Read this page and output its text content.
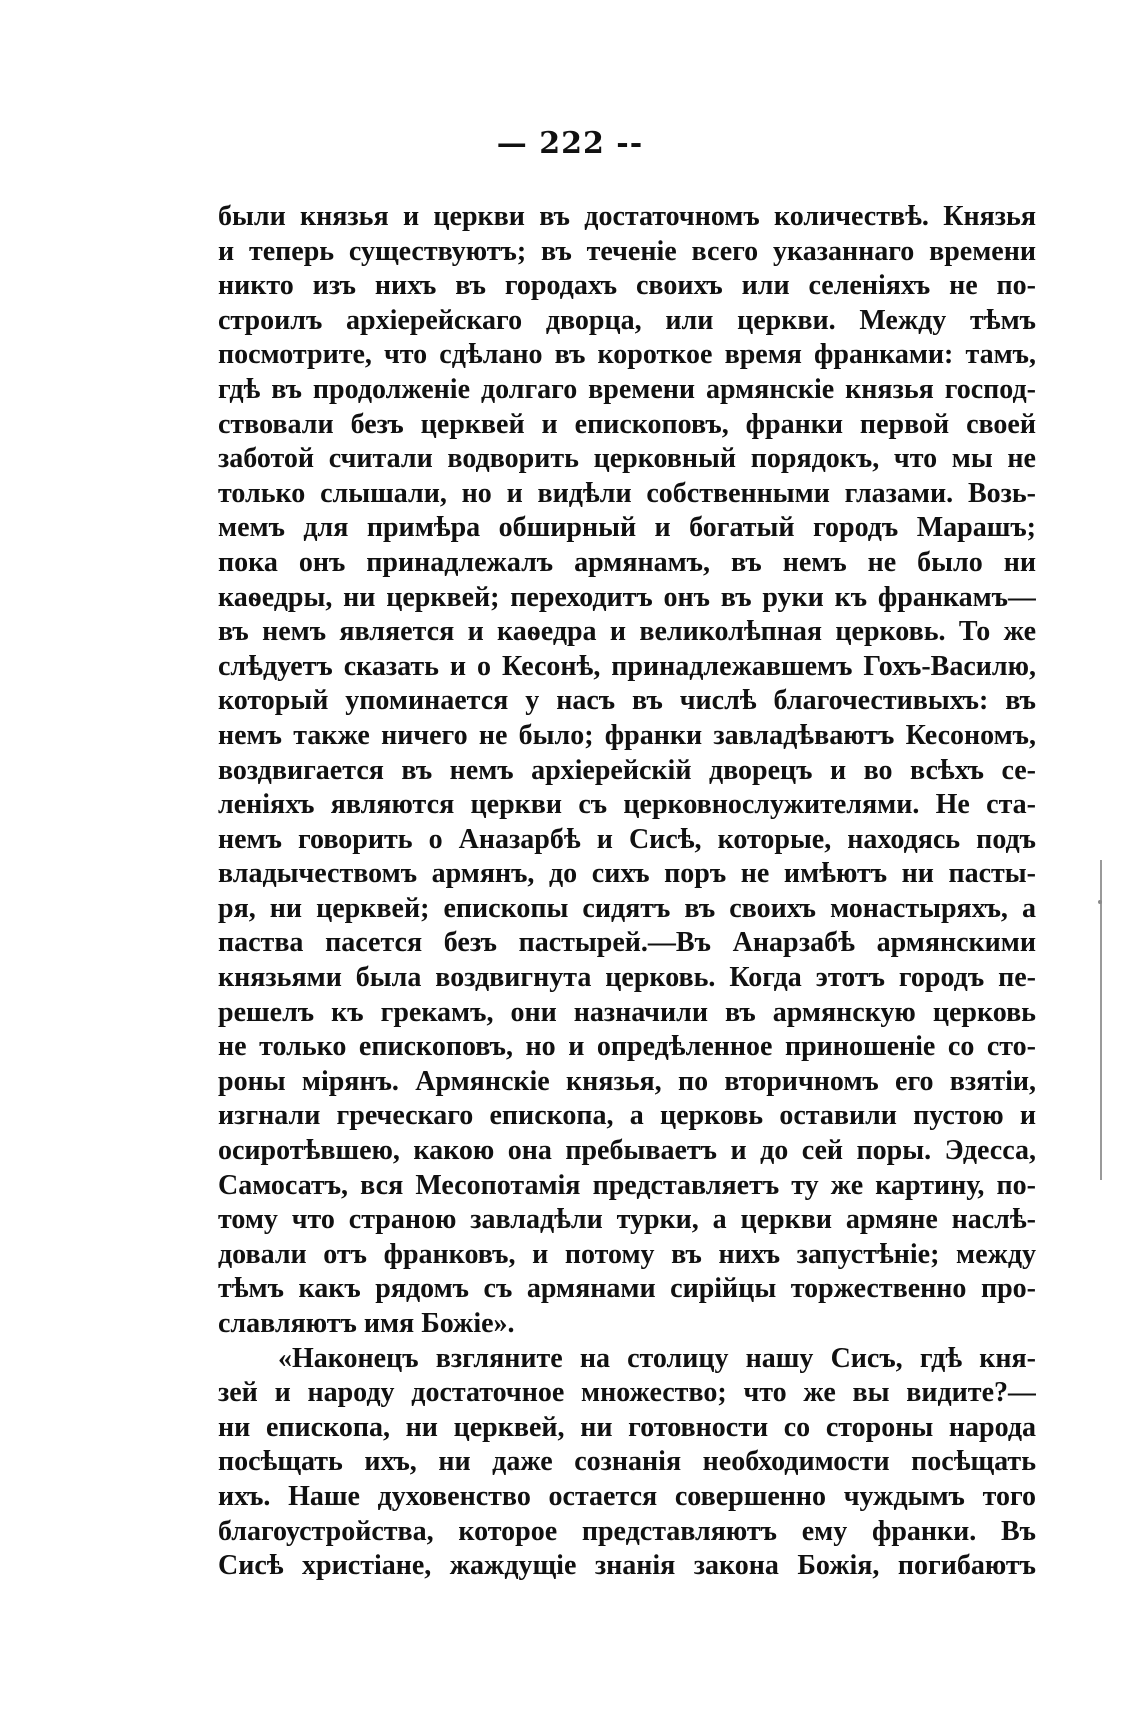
— 222 --
были князья и церкви въ достаточномъ количествѣ. Князья
и теперь существуютъ; въ теченіе всего указаннаго времени
никто изъ нихъ въ городахъ своихъ или селеніяхъ не по-
строилъ архіерейскаго дворца, или церкви. Между тѣмъ
посмотрите, что сдѣлано въ короткое время франками: тамъ,
гдѣ въ продолженіе долгаго времени армянскіе князья господ-
ствовали безъ церквей и епископовъ, франки первой своей
заботой считали водворить церковный порядокъ, что мы не
только слышали, но и видѣли собственными глазами. Возь-
мемъ для примѣра обширный и богатый городъ Марашъ;
пока онъ принадлежалъ армянамъ, въ немъ не было ни
каѳедры, ни церквей; переходитъ онъ въ руки къ франкамъ—
въ немъ является и каѳедра и великолѣпная церковь. То же
слѣдуетъ сказать и о Кесонѣ, принадлежавшемъ Гохъ-Василю,
который упоминается у насъ въ числѣ благочестивыхъ: въ
немъ также ничего не было; франки завладѣваютъ Кесономъ,
воздвигается въ немъ архіерейскій дворецъ и во всѣхъ се-
леніяхъ являются церкви съ церковнослужителями. Не ста-
немъ говорить о Аназарбѣ и Сисѣ, которые, находясь подъ
владычествомъ армянъ, до сихъ поръ не имѣютъ ни пасты-
ря, ни церквей; епископы сидятъ въ своихъ монастыряхъ, а
паства пасется безъ пастырей.—Въ Анарзабѣ армянскими
князьями была воздвигнута церковь. Когда этотъ городъ пе-
решелъ къ грекамъ, они назначили въ армянскую церковь
не только епископовъ, но и опредѣленное приношеніе со сто-
роны мірянъ. Армянскіе князья, по вторичномъ его взятіи,
изгнали греческаго епископа, а церковь оставили пустою и
осиротѣвшею, какою она пребываетъ и до сей поры. Эдесса,
Самосатъ, вся Месопотамія представляетъ ту же картину, по-
тому что страною завладѣли турки, а церкви армяне наслѣ-
довали отъ франковъ, и потому въ нихъ запустѣніе; между
тѣмъ какъ рядомъ съ армянами сирійцы торжественно про-
славляютъ имя Божіе».
«Наконецъ взгляните на столицу нашу Сисъ, гдѣ кня-
зей и народу достаточное множество; что же вы видите?—
ни епископа, ни церквей, ни готовности со стороны народа
посѣщать ихъ, ни даже сознанія необходимости посѣщать
ихъ. Наше духовенство остается совершенно чуждымъ того
благоустройства, которое представляютъ ему франки. Въ
Сисѣ христіане, жаждущіе знанія закона Божія, погибаютъ
